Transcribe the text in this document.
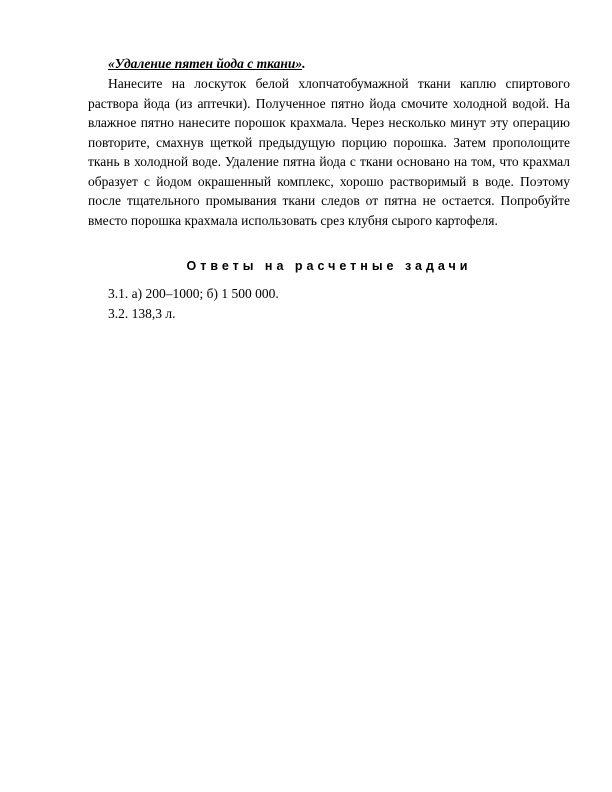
«Удаление пятен йода с ткани».

Нанесите на лоскуток белой хлопчатобумажной ткани каплю спиртового раствора йода (из аптечки). Полученное пятно йода смочите холодной водой. На влажное пятно нанесите порошок крахмала. Через несколько минут эту операцию повторите, смахнув щеткой предыдущую порцию порошка. Затем прополощите ткань в холодной воде. Удаление пятна йода с ткани основано на том, что крахмал образует с йодом окрашенный комплекс, хорошо растворимый в воде. Поэтому после тщательного промывания ткани следов от пятна не остается. Попробуйте вместо порошка крахмала использовать срез клубня сырого картофеля.

Ответы на расчетные задачи
3.1. а) 200–1000; б) 1 500 000.
3.2. 138,3 л.
